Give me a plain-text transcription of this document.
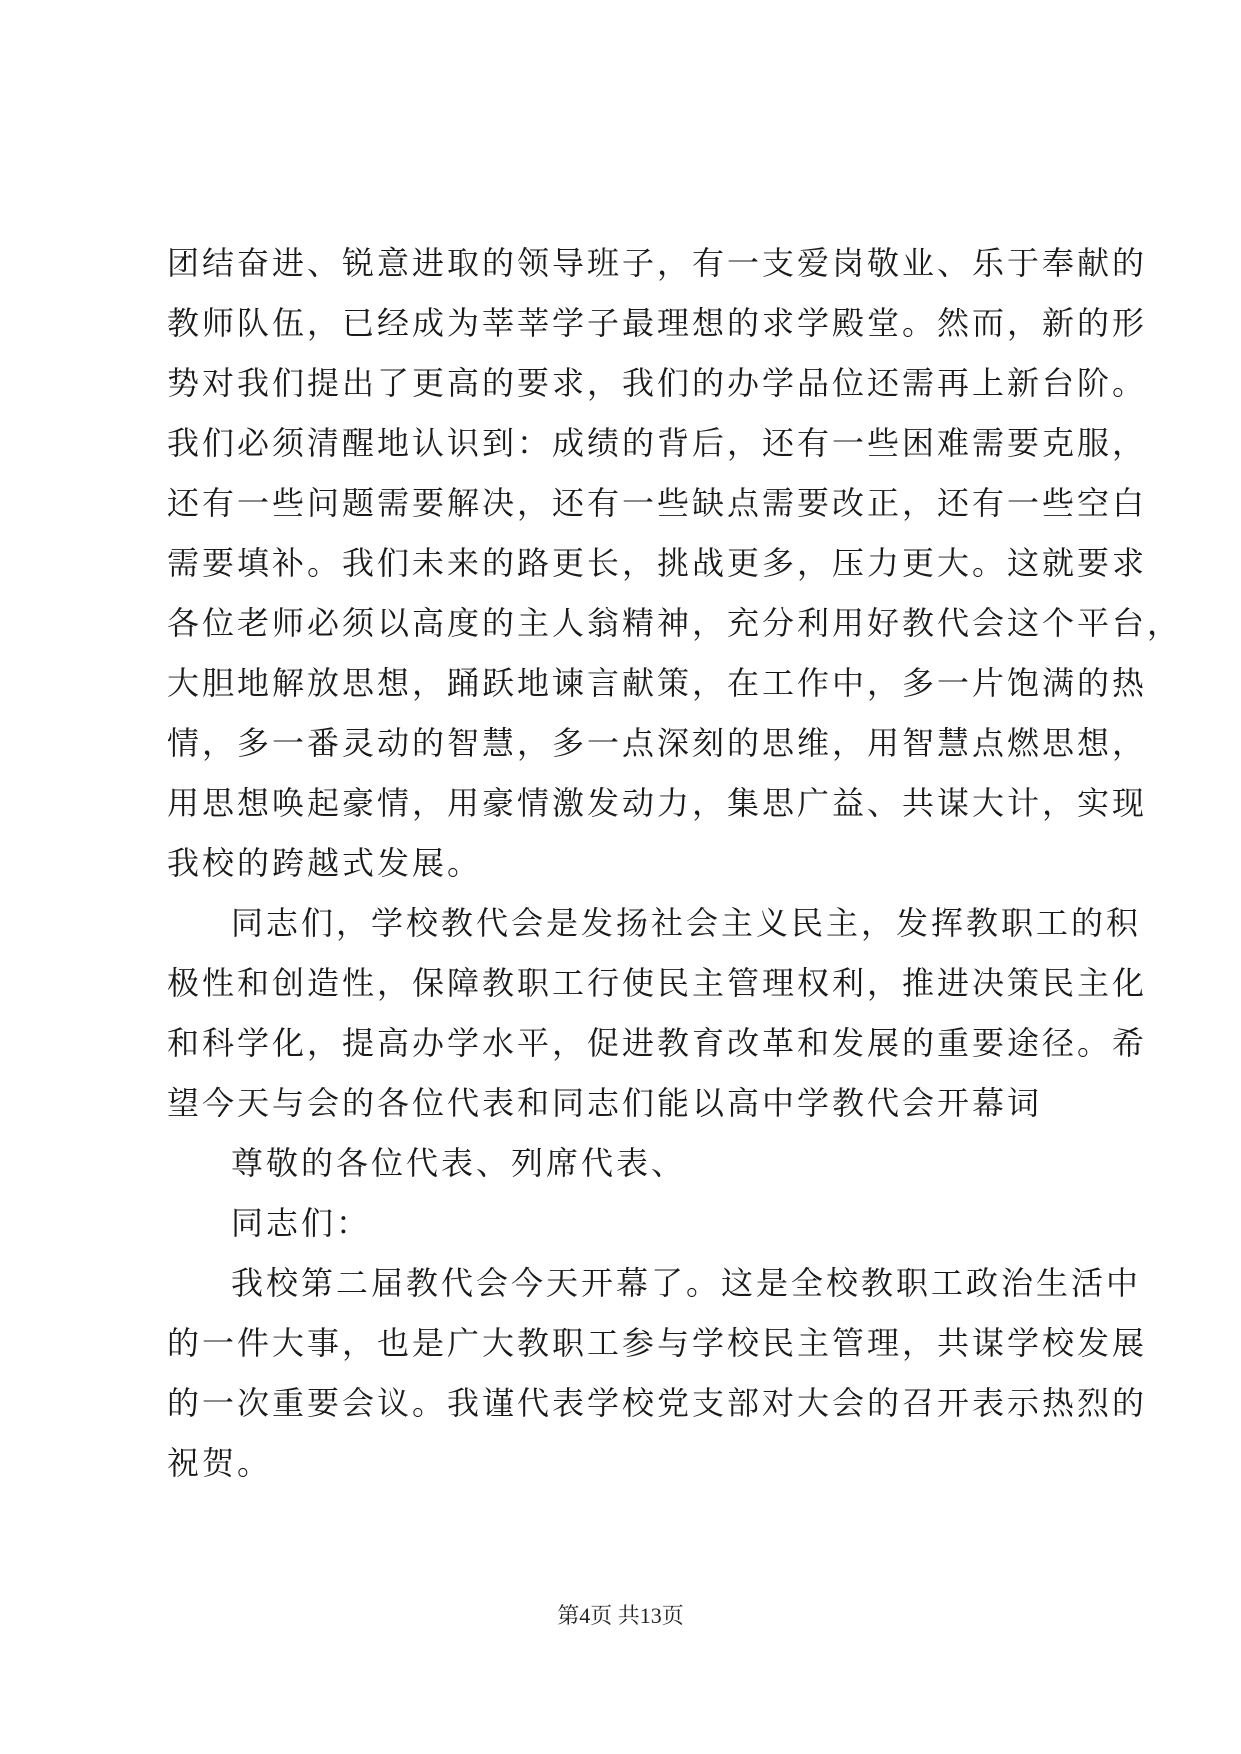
团结奋进、锐意进取的领导班子，有一支爱岗敬业、乐于奉献的
教师队伍，已经成为莘莘学子最理想的求学殿堂。然而，新的形
势对我们提出了更高的要求，我们的办学品位还需再上新台阶。
我们必须清醒地认识到：成绩的背后，还有一些困难需要克服，
还有一些问题需要解决，还有一些缺点需要改正，还有一些空白
需要填补。我们未来的路更长，挑战更多，压力更大。这就要求
各位老师必须以高度的主人翁精神，充分利用好教代会这个平台，
大胆地解放思想，踊跃地谏言献策，在工作中，多一片饱满的热
情，多一番灵动的智慧，多一点深刻的思维，用智慧点燃思想，
用思想唤起豪情，用豪情激发动力，集思广益、共谋大计，实现
我校的跨越式发展。
同志们，学校教代会是发扬社会主义民主，发挥教职工的积
极性和创造性，保障教职工行使民主管理权利，推进决策民主化
和科学化，提高办学水平，促进教育改革和发展的重要途径。希
望今天与会的各位代表和同志们能以高中学教代会开幕词
尊敬的各位代表、列席代表、
同志们：
我校第二届教代会今天开幕了。这是全校教职工政治生活中
的一件大事，也是广大教职工参与学校民主管理，共谋学校发展
的一次重要会议。我谨代表学校党支部对大会的召开表示热烈的
祝贺。
第4页 共13页
